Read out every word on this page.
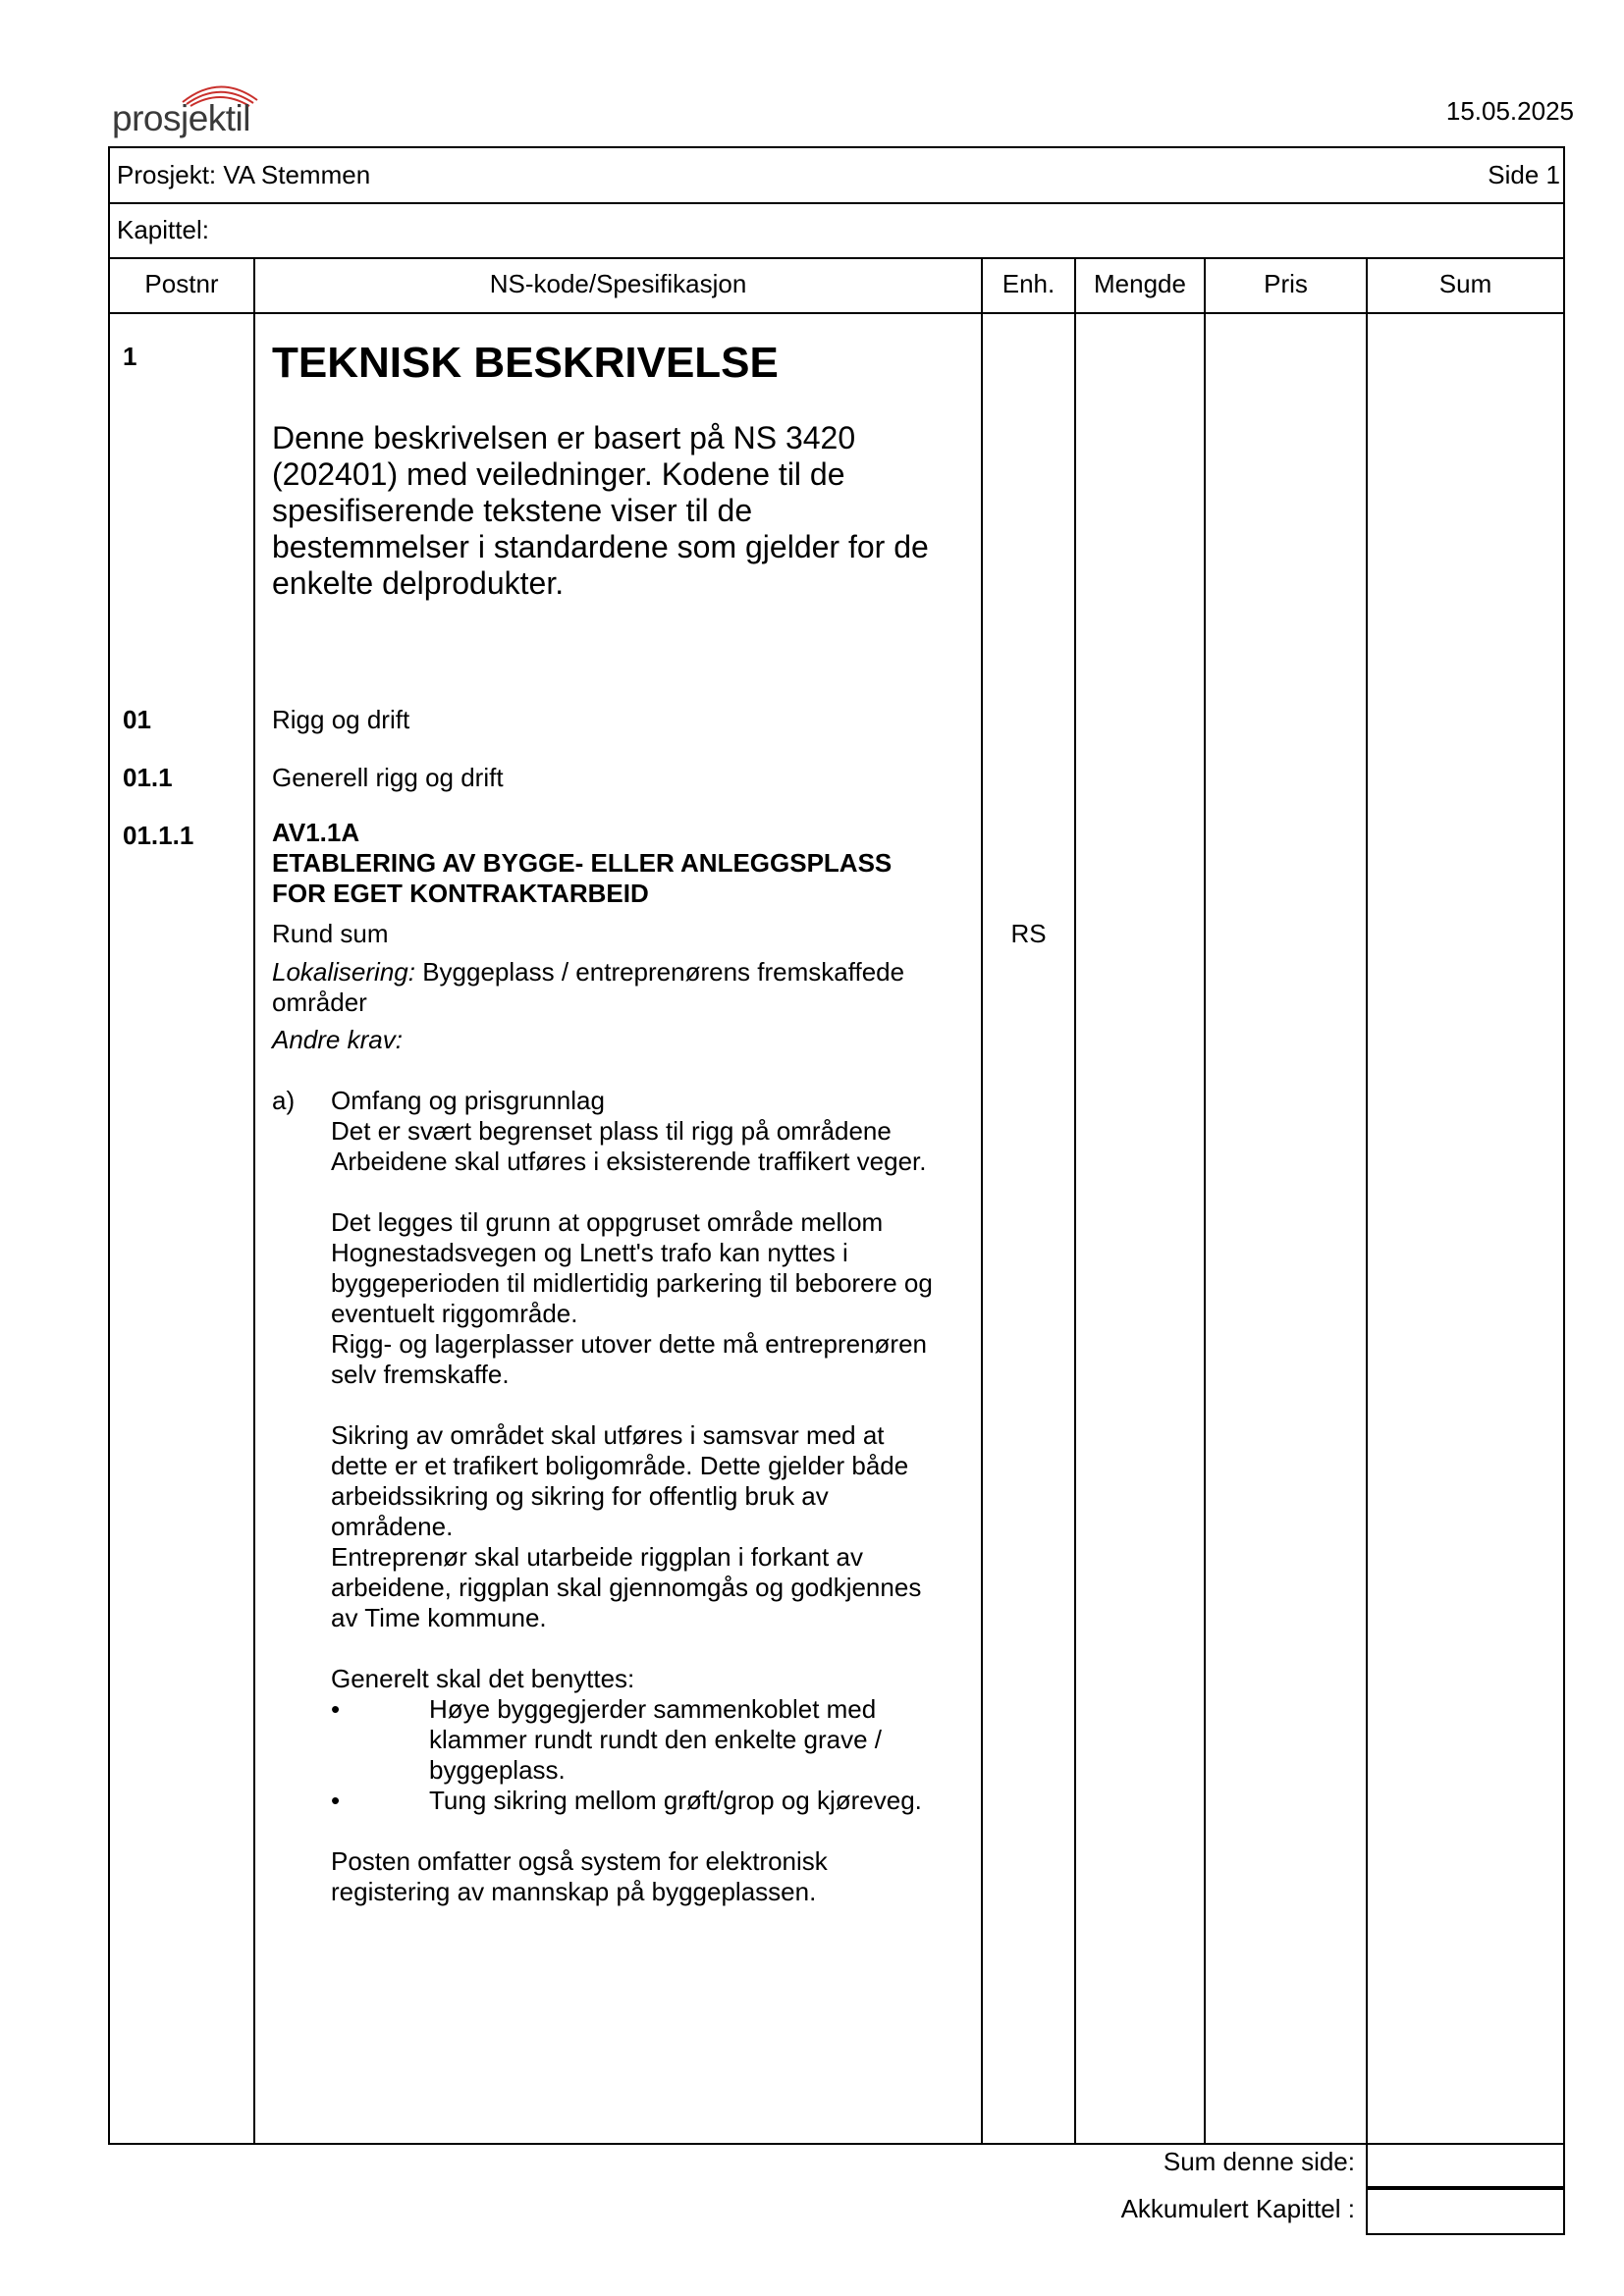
prosjektil	15.05.2025
Prosjekt: VA Stemmen	Side 1
Kapittel:
Postnr	NS-kode/Spesifikasjon	Enh.	Mengde	Pris	Sum
1	TEKNISK BESKRIVELSE
Denne beskrivelsen er basert på NS 3420
(202401) med veiledninger. Kodene til de
spesifiserende tekstene viser til de
bestemmelser i standardene som gjelder for de
enkelte delprodukter.
01	Rigg og drift
01.1	Generell rigg og drift
01.1.1	AV1.1A
ETABLERING AV BYGGE- ELLER ANLEGGSPLASS
FOR EGET KONTRAKTARBEID
Rund sum	RS
Lokalisering: Byggeplass / entreprenørens fremskaffede
områder
Andre krav:
a) Omfang og prisgrunnlag
Det er svært begrenset plass til rigg på områdene
Arbeidene skal utføres i eksisterende traffikert veger.
Det legges til grunn at oppgruset område mellom
Hognestadsvegen og Lnett's trafo kan nyttes i
byggeperioden til midlertidig parkering til beborere og
eventuelt riggområde.
Rigg- og lagerplasser utover dette må entreprenøren
selv fremskaffe.
Sikring av området skal utføres i samsvar med at
dette er et trafikert boligområde. Dette gjelder både
arbeidssikring og sikring for offentlig bruk av
områdene.
Entreprenør skal utarbeide riggplan i forkant av
arbeidene, riggplan skal gjennomgås og godkjennes
av Time kommune.
Generelt skal det benyttes:
•	Høye byggegjerder sammenkoblet med
klammer rundt rundt den enkelte grave /
byggeplass.
•	Tung sikring mellom grøft/grop og kjøreveg.
Posten omfatter også system for elektronisk
registering av mannskap på byggeplassen.
Sum denne side:
Akkumulert Kapittel :
